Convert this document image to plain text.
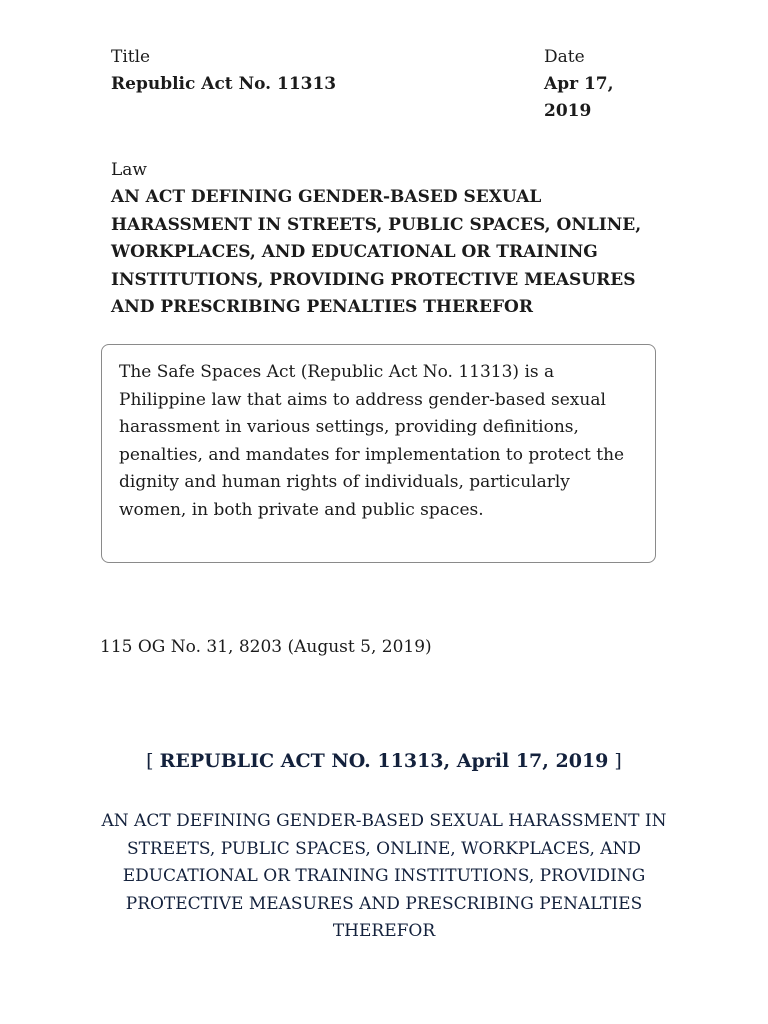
Title
Republic Act No. 11313
Date
Apr 17,
2019
Law

AN ACT DEFINING GENDER-BASED SEXUAL HARASSMENT IN STREETS, PUBLIC SPACES, ONLINE, WORKPLACES, AND EDUCATIONAL OR TRAINING INSTITUTIONS, PROVIDING PROTECTIVE MEASURES AND PRESCRIBING PENALTIES THEREFOR

The Safe Spaces Act (Republic Act No. 11313) is a Philippine law that aims to address gender-based sexual harassment in various settings, providing definitions, penalties, and mandates for implementation to protect the dignity and human rights of individuals, particularly women, in both private and public spaces.

115 OG No. 31, 8203 (August 5, 2019)
[ REPUBLIC ACT NO. 11313, April 17, 2019 ]

AN ACT DEFINING GENDER-BASED SEXUAL HARASSMENT IN STREETS, PUBLIC SPACES, ONLINE, WORKPLACES, AND EDUCATIONAL OR TRAINING INSTITUTIONS, PROVIDING PROTECTIVE MEASURES AND PRESCRIBING PENALTIES THEREFOR
